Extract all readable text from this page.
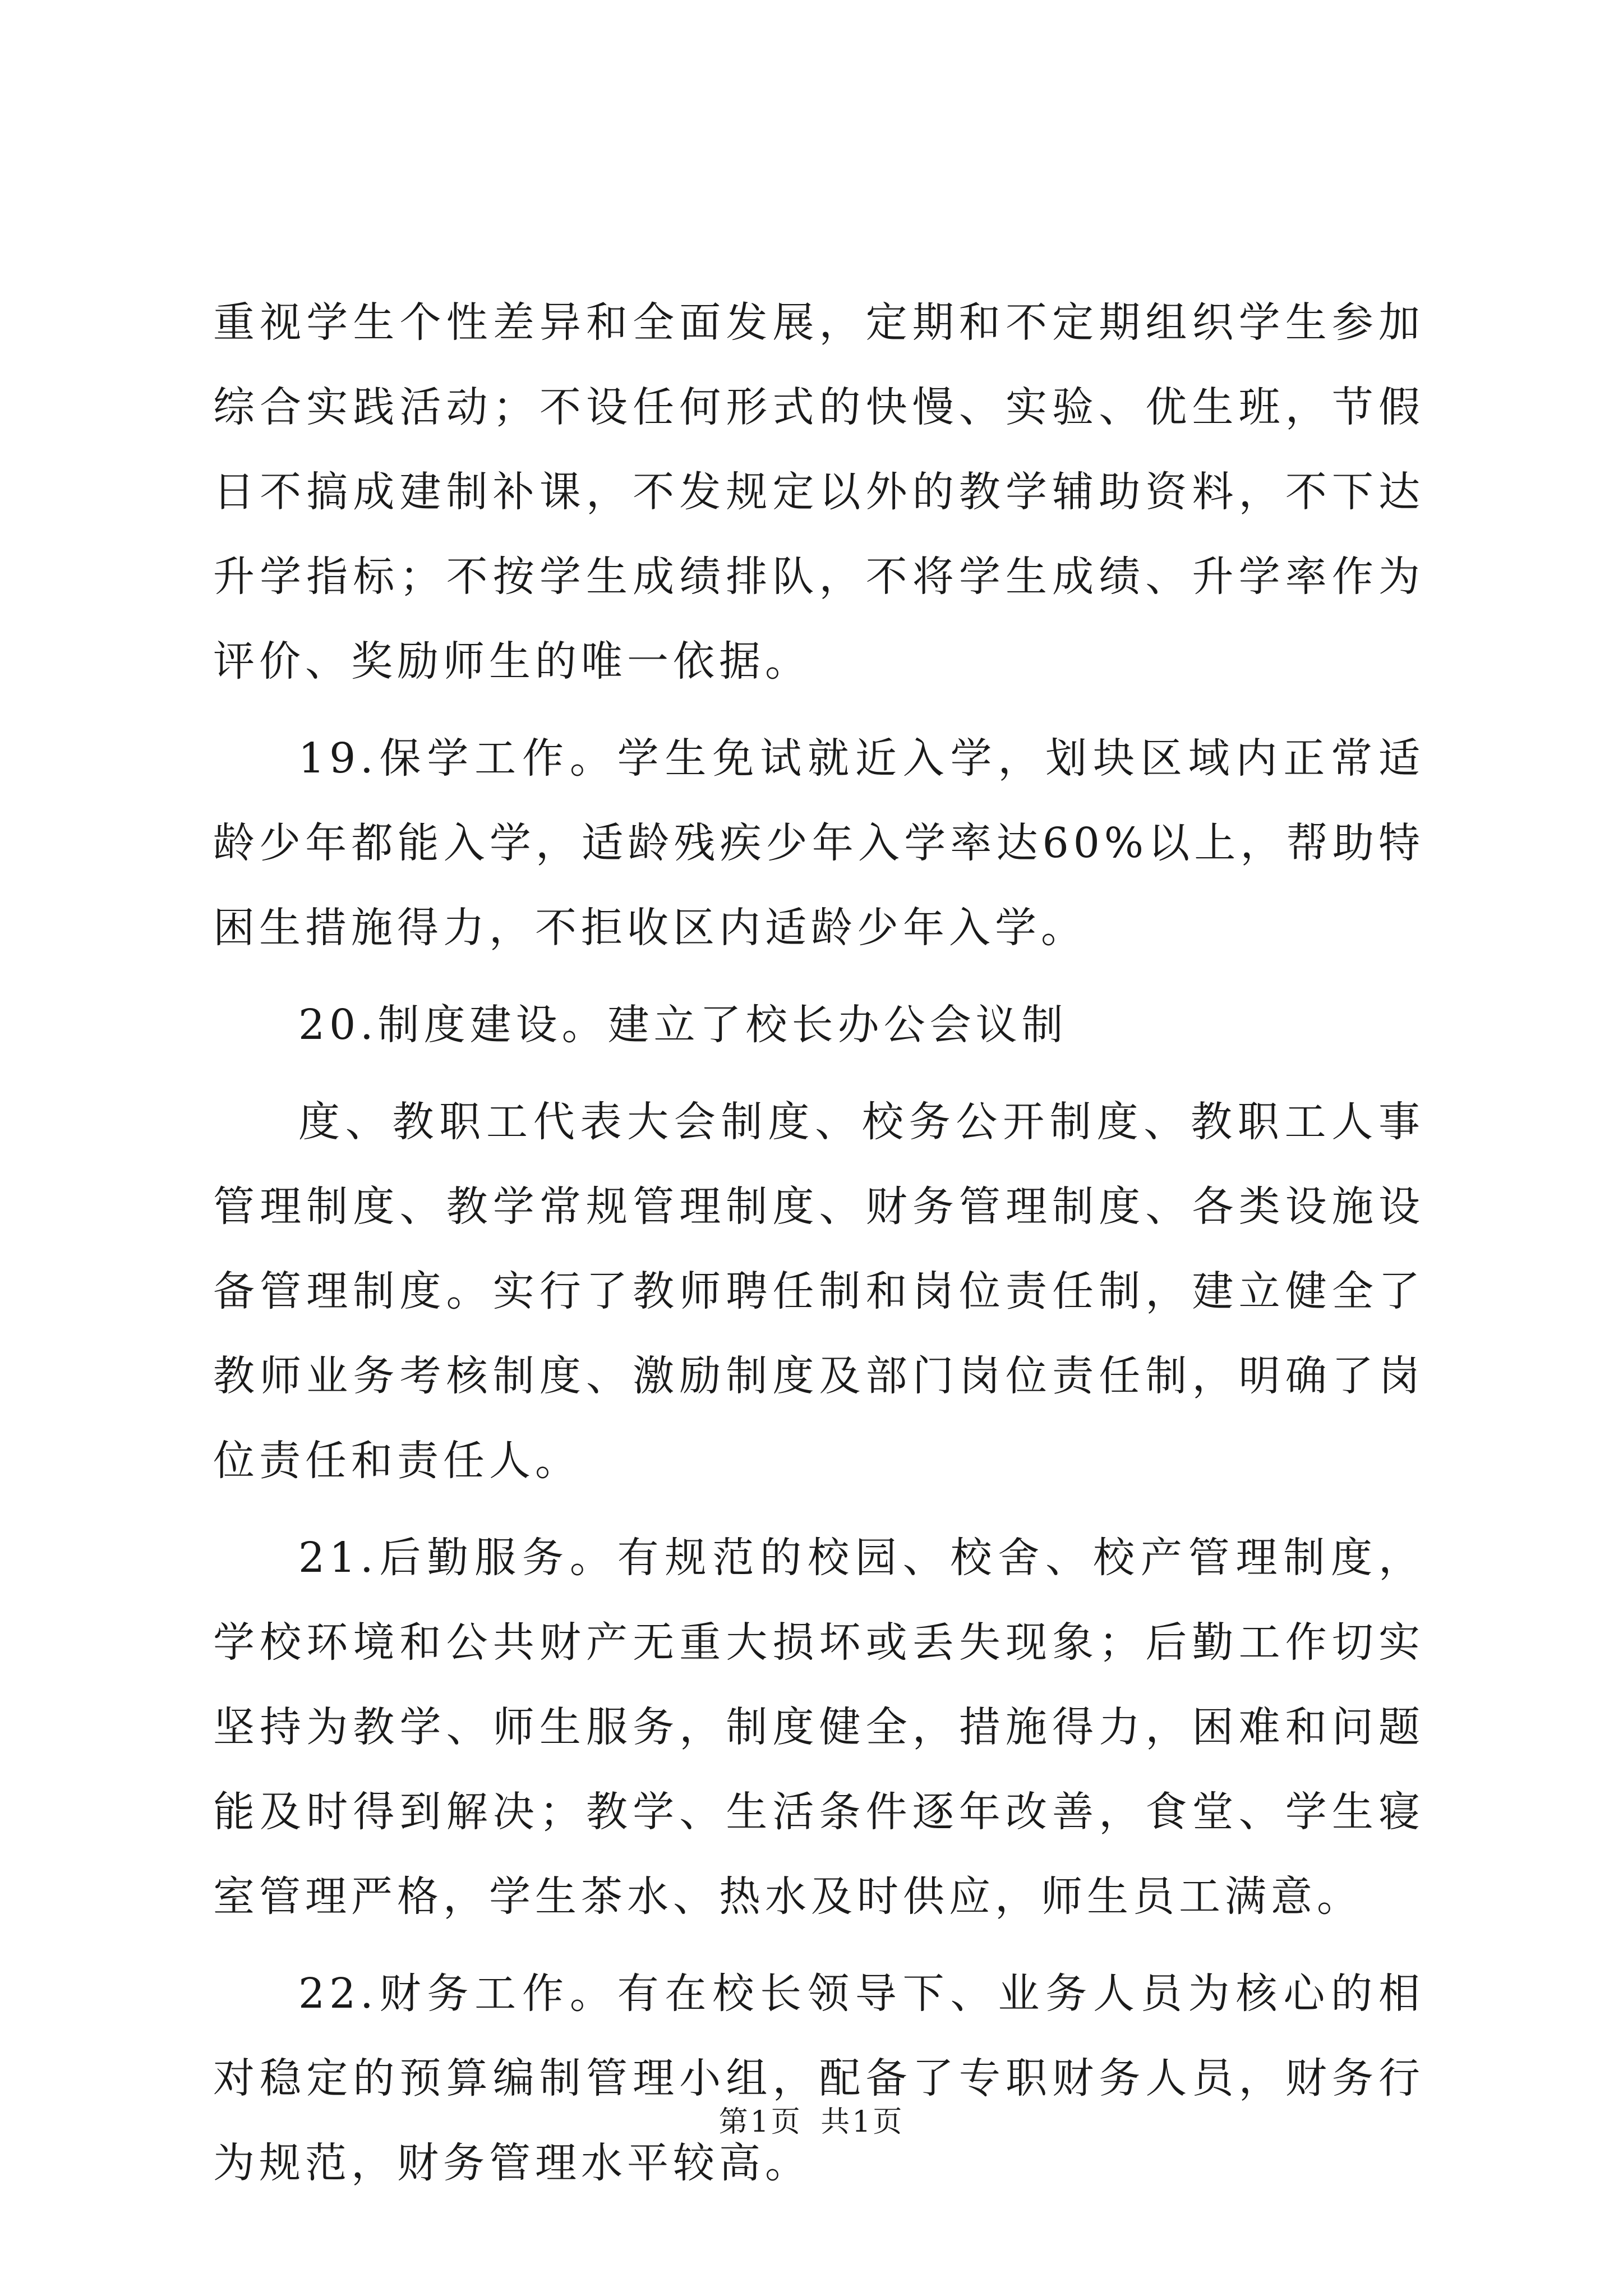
重视学生个性差异和全面发展，定期和不定期组织学生参加综合实践活动；不设任何形式的快慢、实验、优生班，节假日不搞成建制补课，不发规定以外的教学辅助资料，不下达升学指标；不按学生成绩排队，不将学生成绩、升学率作为评价、奖励师生的唯一依据。

19.保学工作。学生免试就近入学，划块区域内正常适龄少年都能入学，适龄残疾少年入学率达60%以上，帮助特困生措施得力，不拒收区内适龄少年入学。

20.制度建设。建立了校长办公会议制

度、教职工代表大会制度、校务公开制度、教职工人事管理制度、教学常规管理制度、财务管理制度、各类设施设备管理制度。实行了教师聘任制和岗位责任制，建立健全了教师业务考核制度、激励制度及部门岗位责任制，明确了岗位责任和责任人。

21.后勤服务。有规范的校园、校舍、校产管理制度，学校环境和公共财产无重大损坏或丢失现象；后勤工作切实坚持为教学、师生服务，制度健全，措施得力，困难和问题能及时得到解决；教学、生活条件逐年改善，食堂、学生寝室管理严格，学生茶水、热水及时供应，师生员工满意。

22.财务工作。有在校长领导下、业务人员为核心的相对稳定的预算编制管理小组，配备了专职财务人员，财务行为规范，财务管理水平较高。

第1页 共1页
